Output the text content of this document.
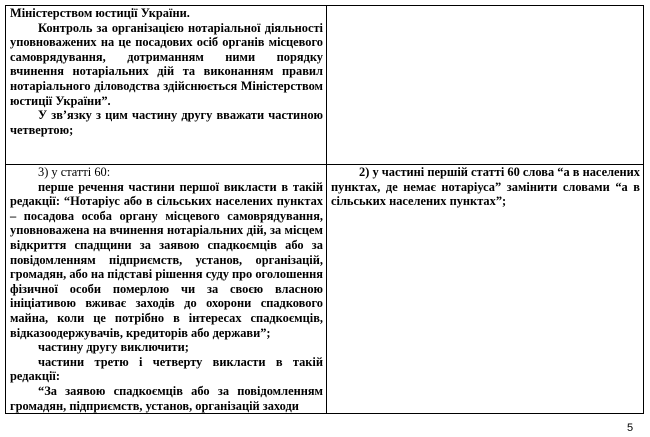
Міністерством юстиції України.

Контроль за організацією нотаріальної діяльності уповноважених на це посадових осіб органів місцевого самоврядування, дотриманням ними порядку вчинення нотаріальних дій та виконанням правил нотаріального діловодства здійснюється Міністерством юстиції України”.

У зв’язку з цим частину другу вважати частиною четвертою;	

3) у статті 60:

перше речення частини першої викласти в такій редакції: “Нотаріус або в сільських населених пунктах – посадова особа органу місцевого самоврядування, уповноважена на вчинення нотаріальних дій, за місцем відкриття спадщини за заявою спадкоємців або за повідомленням підприємств, установ, організацій, громадян, або на підставі рішення суду про оголошення фізичної особи померлою чи за своєю власною ініціативою вживає заходів до охорони спадкового майна, коли це потрібно в інтересах спадкоємців, відказоодержувачів, кредиторів або держави”;

частину другу виключити;

частини третю і четверту викласти в такій редакції:

“За заявою спадкоємців або за повідомленням громадян, підприємств, установ, організацій заходи	2) у частині першій статті 60 слова “а в населених пунктах, де немає нотаріуса” замінити словами “а в сільських населених пунктах”;

5
